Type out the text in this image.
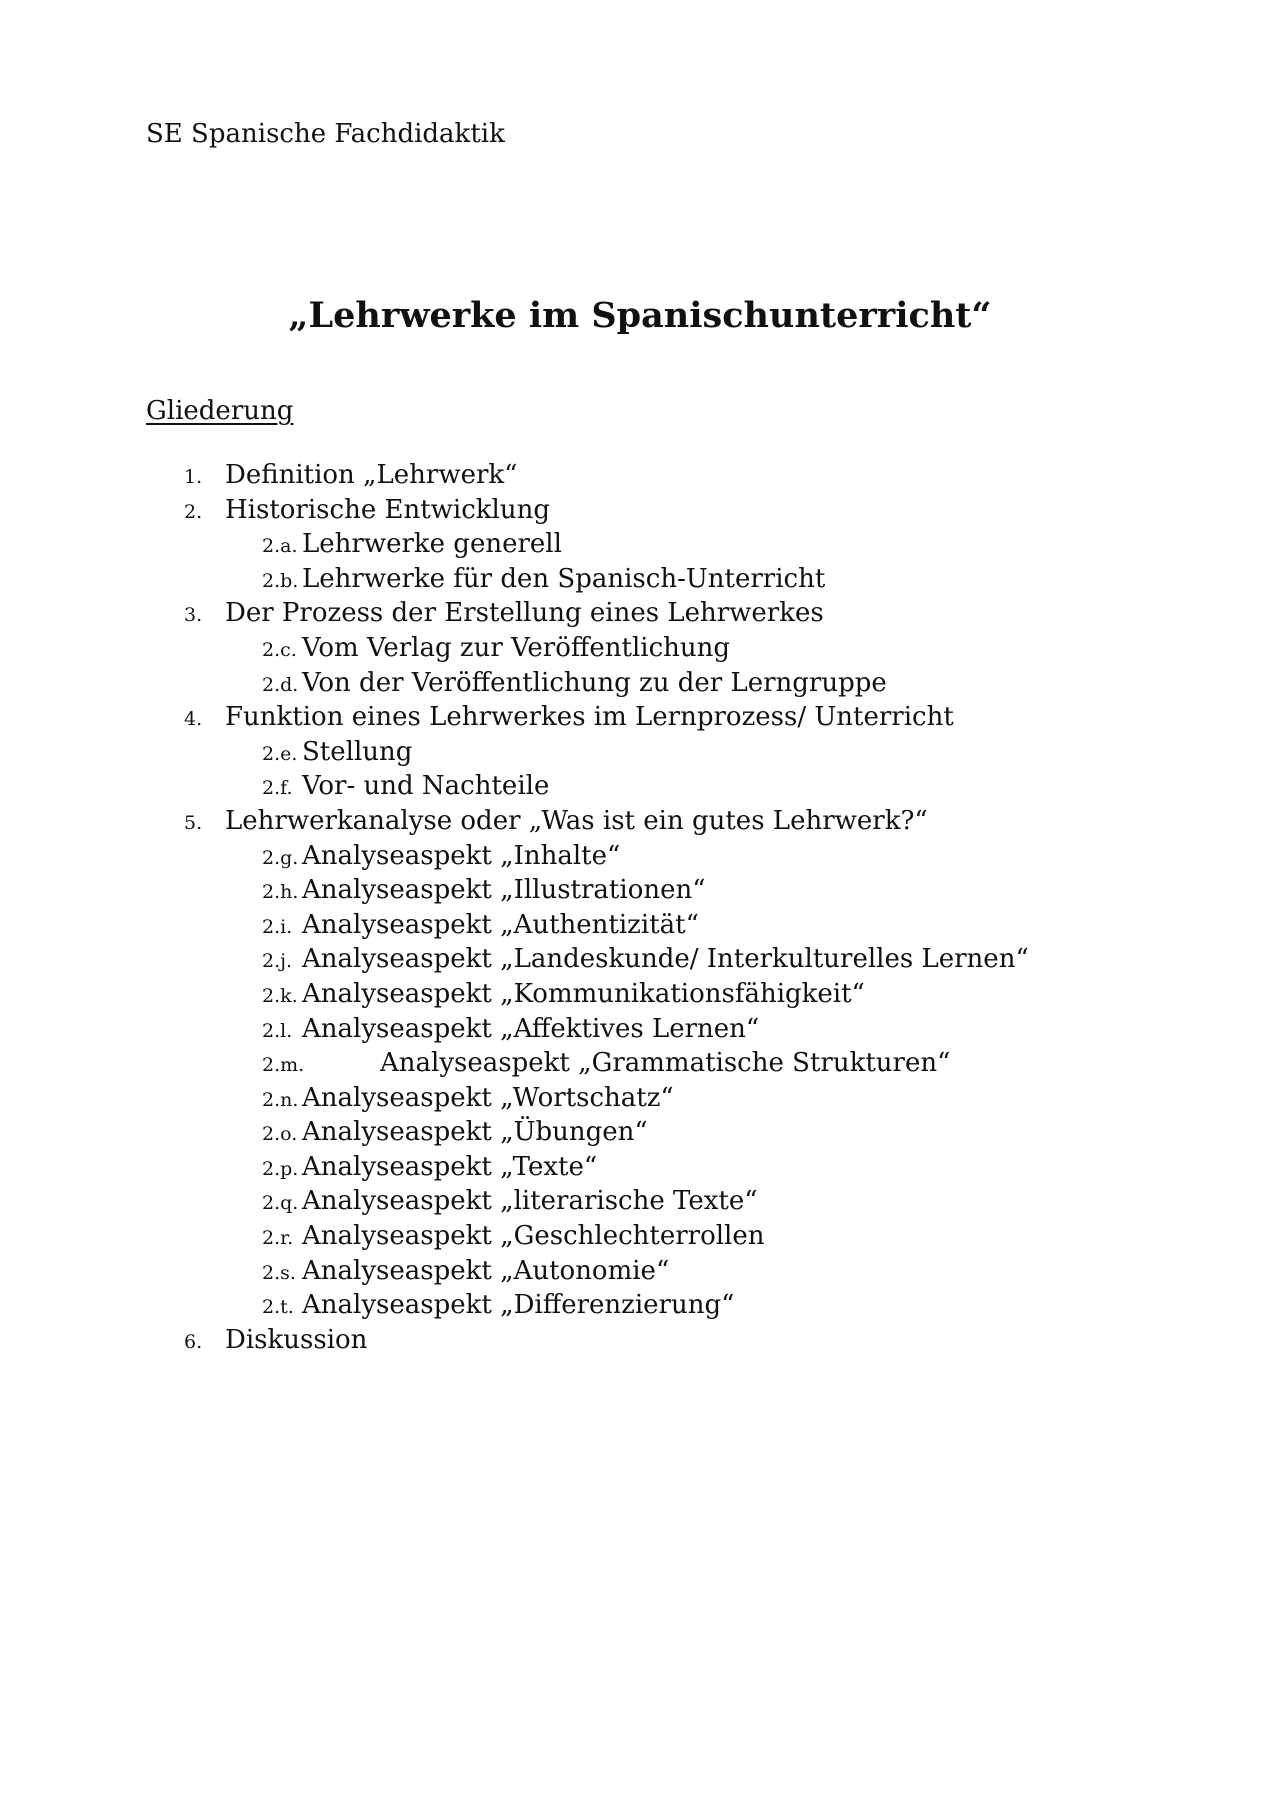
SE Spanische Fachdidaktik
„Lehrwerke im Spanischunterricht“
Gliederung
1. Definition „Lehrwerk“
2. Historische Entwicklung
2.a. Lehrwerke generell
2.b. Lehrwerke für den Spanisch-Unterricht
3. Der Prozess der Erstellung eines Lehrwerkes
2.c. Vom Verlag zur Veröffentlichung
2.d. Von der Veröffentlichung zu der Lerngruppe
4. Funktion eines Lehrwerkes im Lernprozess/ Unterricht
2.e. Stellung
2.f. Vor- und Nachteile
5. Lehrwerkanalyse oder „Was ist ein gutes Lehrwerk?“
2.g. Analyseaspekt „Inhalte“
2.h. Analyseaspekt „Illustrationen“
2.i. Analyseaspekt „Authentizität“
2.j. Analyseaspekt „Landeskunde/ Interkulturelles Lernen“
2.k. Analyseaspekt „Kommunikationsfähigkeit“
2.l. Analyseaspekt „Affektives Lernen“
2.m.	Analyseaspekt „Grammatische Strukturen“
2.n. Analyseaspekt „Wortschatz“
2.o. Analyseaspekt „Übungen“
2.p. Analyseaspekt „Texte“
2.q. Analyseaspekt „literarische Texte“
2.r. Analyseaspekt „Geschlechterrollen
2.s. Analyseaspekt „Autonomie“
2.t. Analyseaspekt „Differenzierung“
6. Diskussion
